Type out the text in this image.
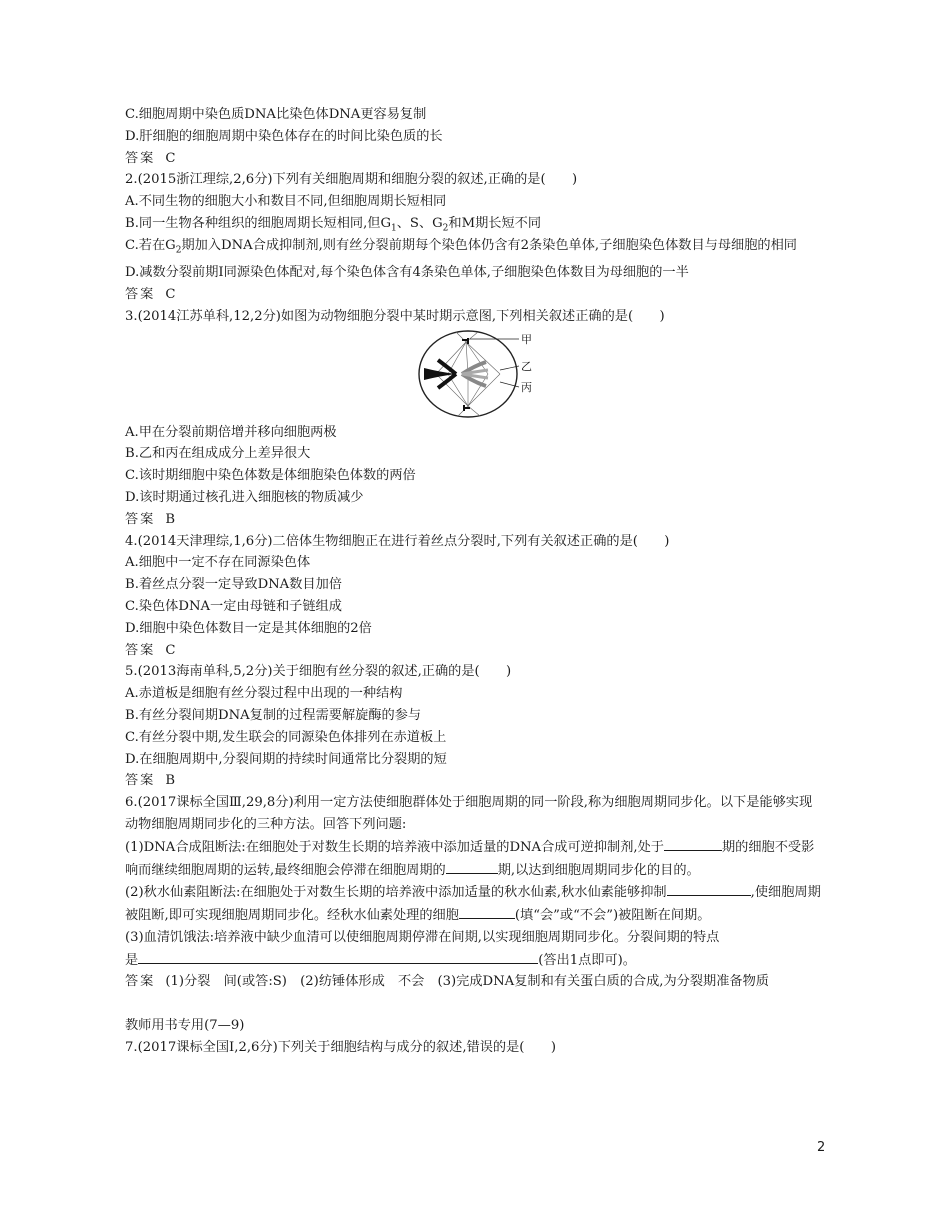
C.细胞周期中染色质DNA比染色体DNA更容易复制
D.肝细胞的细胞周期中染色体存在的时间比染色质的长
答案 C
2.(2015浙江理综,2,6分)下列有关细胞周期和细胞分裂的叙述,正确的是(　　)
A.不同生物的细胞大小和数目不同,但细胞周期长短相同
B.同一生物各种组织的细胞周期长短相同,但$G_1$、S、$G_2$和M期长短不同
C.若在$G_2$期加入DNA合成抑制剂,则有丝分裂前期每个染色体仍含有2条染色单体,子细胞染色体数目与母细胞的相同
D.减数分裂前期Ⅰ同源染色体配对,每个染色体含有4条染色单体,子细胞染色体数目为母细胞的一半
答案 C
3.(2014江苏单科,12,2分)如图为动物细胞分裂中某时期示意图,下列相关叙述正确的是(　　)
甲
乙
丙
A.甲在分裂前期倍增并移向细胞两极
B.乙和丙在组成成分上差异很大
C.该时期细胞中染色体数是体细胞染色体数的两倍
D.该时期通过核孔进入细胞核的物质减少
答案 B
4.(2014天津理综,1,6分)二倍体生物细胞正在进行着丝点分裂时,下列有关叙述正确的是(　　)
A.细胞中一定不存在同源染色体
B.着丝点分裂一定导致DNA数目加倍
C.染色体DNA一定由母链和子链组成
D.细胞中染色体数目一定是其体细胞的2倍
答案 C
5.(2013海南单科,5,2分)关于细胞有丝分裂的叙述,正确的是(　　)
A.赤道板是细胞有丝分裂过程中出现的一种结构
B.有丝分裂间期DNA复制的过程需要解旋酶的参与
C.有丝分裂中期,发生联会的同源染色体排列在赤道板上
D.在细胞周期中,分裂间期的持续时间通常比分裂期的短
答案 B
6.(2017课标全国Ⅲ,29,8分)利用一定方法使细胞群体处于细胞周期的同一阶段,称为细胞周期同步化。以下是能够实现动物细胞周期同步化的三种方法。回答下列问题:
(1)DNA合成阻断法:在细胞处于对数生长期的培养液中添加适量的DNA合成可逆抑制剂,处于	期的细胞不受影响而继续细胞周期的运转,最终细胞会停滞在细胞周期的	期,以达到细胞周期同步化的目的。
(2)秋水仙素阻断法:在细胞处于对数生长期的培养液中添加适量的秋水仙素,秋水仙素能够抑制	,使细胞周期被阻断,即可实现细胞周期同步化。经秋水仙素处理的细胞	(填“会”或“不会”)被阻断在间期。
(3)血清饥饿法:培养液中缺少血清可以使细胞周期停滞在间期,以实现细胞周期同步化。分裂间期的特点
是	(答出1点即可)。
答案 (1)分裂　间(或答:S)　(2)纺锤体形成　不会　(3)完成DNA复制和有关蛋白质的合成,为分裂期准备物质
教师用书专用(7—9)
7.(2017课标全国Ⅰ,2,6分)下列关于细胞结构与成分的叙述,错误的是(　　)
2
